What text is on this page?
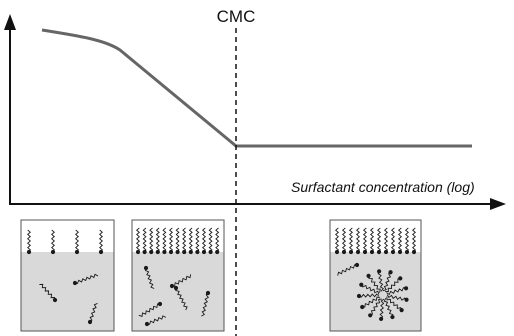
CMC
Surfactant concentration (log)
